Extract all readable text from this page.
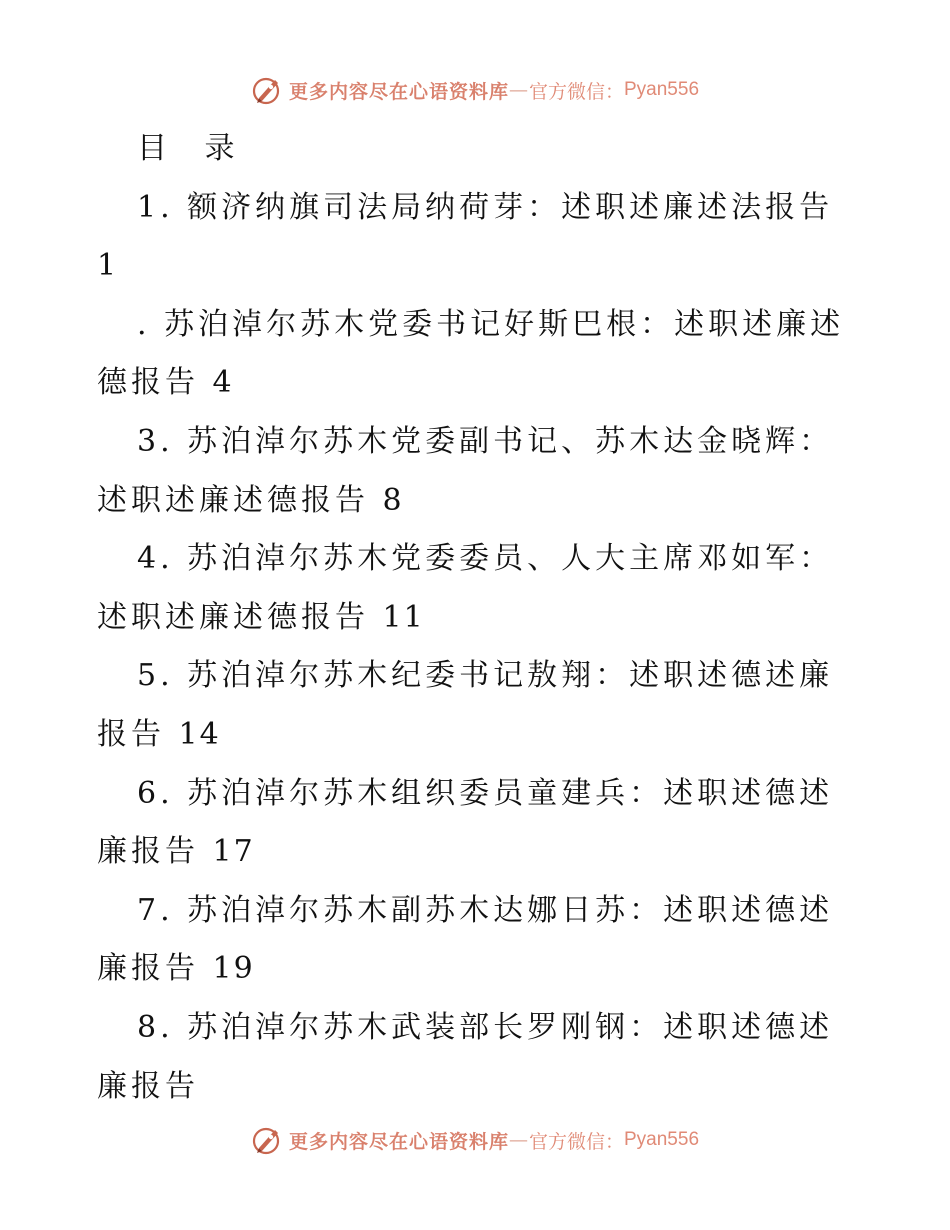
更多内容尽在心语资料库 — 官方微信： Pyan556

目 录

1. 额济纳旗司法局纳荷芽：述职述廉述法报告 1

. 苏泊淖尔苏木党委书记好斯巴根：述职述廉述德报告 4

3. 苏泊淖尔苏木党委副书记、苏木达金晓辉：述职述廉述德报告 8

4. 苏泊淖尔苏木党委委员、人大主席邓如军：述职述廉述德报告 11

5. 苏泊淖尔苏木纪委书记敖翔：述职述德述廉报告 14

6. 苏泊淖尔苏木组织委员童建兵：述职述德述廉报告 17

7. 苏泊淖尔苏木副苏木达娜日苏：述职述德述廉报告 19

8. 苏泊淖尔苏木武装部长罗刚钢：述职述德述廉报告

更多内容尽在心语资料库 — 官方微信： Pyan556
